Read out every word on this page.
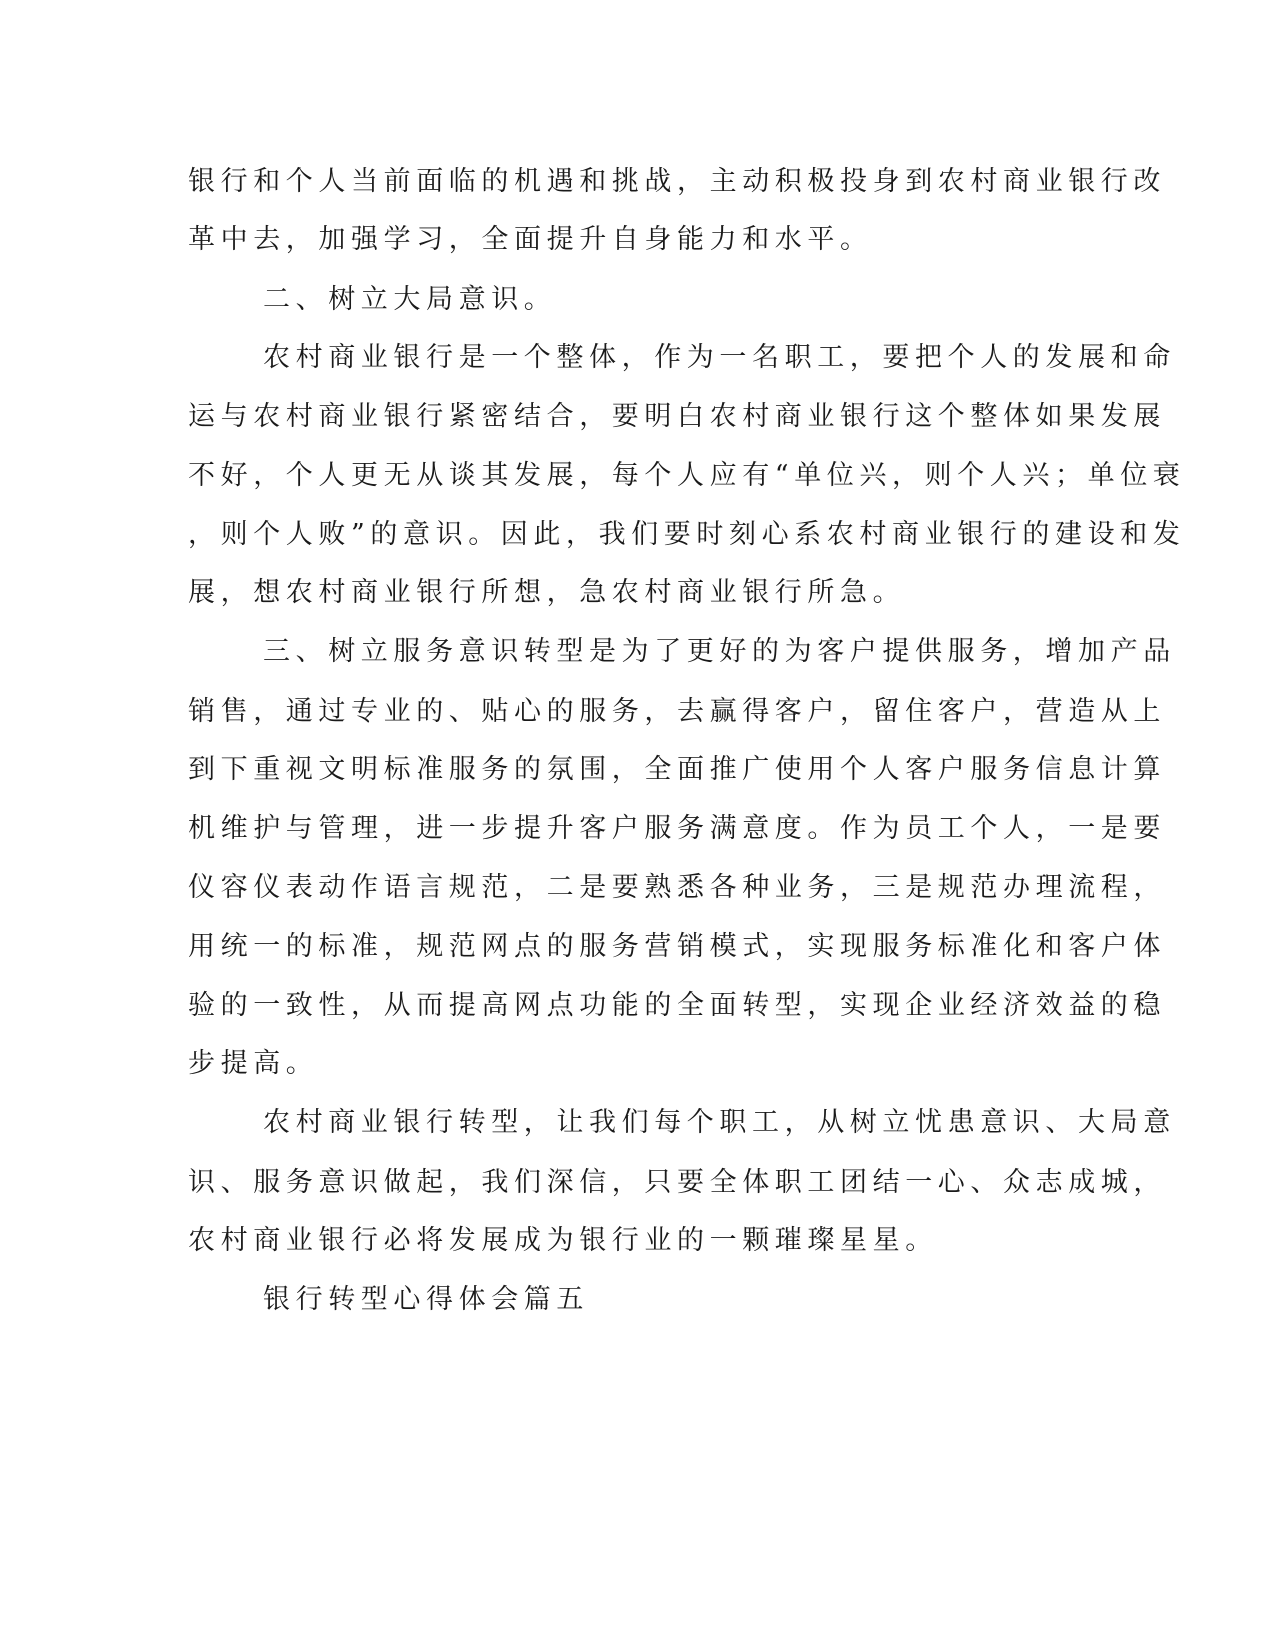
银行和个人当前面临的机遇和挑战，主动积极投身到农村商业银行改

革中去，加强学习，全面提升自身能力和水平。

二、树立大局意识。

农村商业银行是一个整体，作为一名职工，要把个人的发展和命

运与农村商业银行紧密结合，要明白农村商业银行这个整体如果发展

不好，个人更无从谈其发展，每个人应有“单位兴，则个人兴；单位衰

，则个人败”的意识。因此，我们要时刻心系农村商业银行的建设和发

展，想农村商业银行所想，急农村商业银行所急。

三、树立服务意识转型是为了更好的为客户提供服务，增加产品

销售，通过专业的、贴心的服务，去赢得客户，留住客户，营造从上

到下重视文明标准服务的氛围，全面推广使用个人客户服务信息计算

机维护与管理，进一步提升客户服务满意度。作为员工个人，一是要

仪容仪表动作语言规范，二是要熟悉各种业务，三是规范办理流程，

用统一的标准，规范网点的服务营销模式，实现服务标准化和客户体

验的一致性，从而提高网点功能的全面转型，实现企业经济效益的稳

步提高。

农村商业银行转型，让我们每个职工，从树立忧患意识、大局意

识、服务意识做起，我们深信，只要全体职工团结一心、众志成城，

农村商业银行必将发展成为银行业的一颗璀璨星星。

银行转型心得体会篇五
